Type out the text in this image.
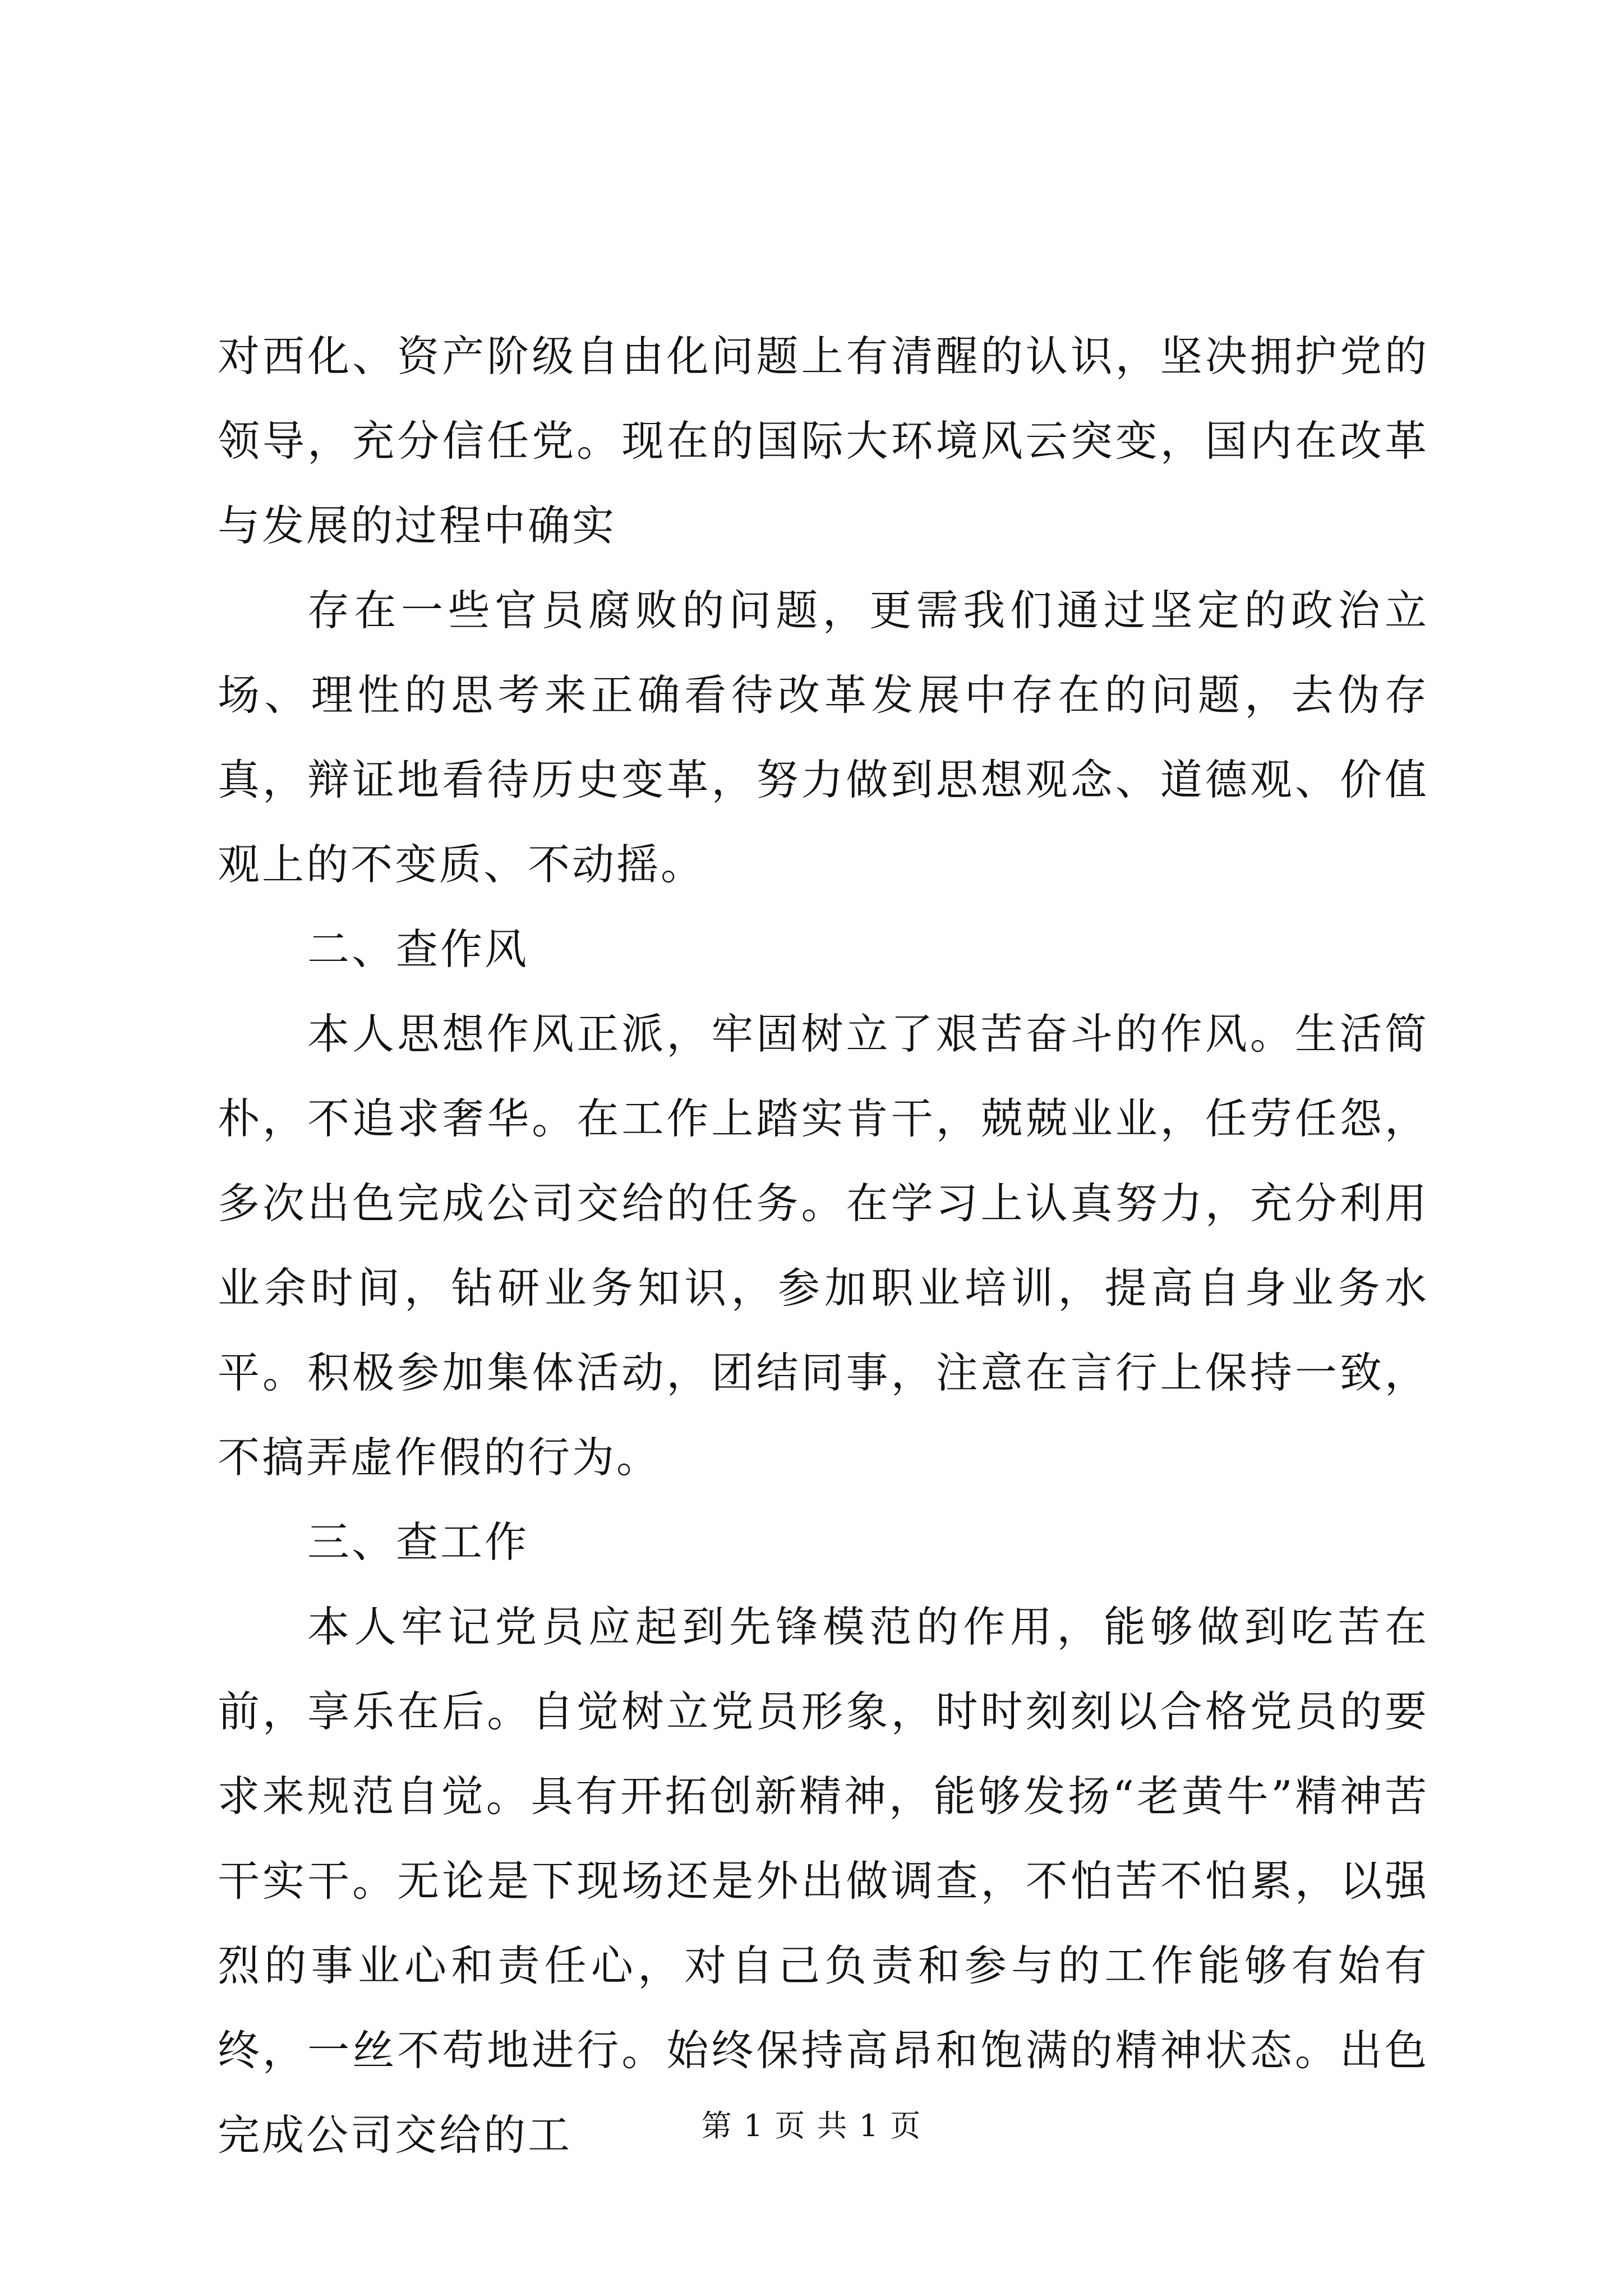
对西化、资产阶级自由化问题上有清醒的认识，坚决拥护党的领导，充分信任党。现在的国际大环境风云突变，国内在改革与发展的过程中确实

存在一些官员腐败的问题，更需我们通过坚定的政治立场、理性的思考来正确看待改革发展中存在的问题，去伪存真，辩证地看待历史变革，努力做到思想观念、道德观、价值观上的不变质、不动摇。

二、查作风

本人思想作风正派，牢固树立了艰苦奋斗的作风。生活简朴，不追求奢华。在工作上踏实肯干，兢兢业业，任劳任怨，多次出色完成公司交给的任务。在学习上认真努力，充分利用业余时间，钻研业务知识，参加职业培训，提高自身业务水平。积极参加集体活动，团结同事，注意在言行上保持一致，不搞弄虚作假的行为。

三、查工作

本人牢记党员应起到先锋模范的作用，能够做到吃苦在前，享乐在后。自觉树立党员形象，时时刻刻以合格党员的要求来规范自觉。具有开拓创新精神，能够发扬“老黄牛”精神苦干实干。无论是下现场还是外出做调查，不怕苦不怕累，以强烈的事业心和责任心，对自己负责和参与的工作能够有始有终，一丝不苟地进行。始终保持高昂和饱满的精神状态。出色完成公司交给的工	第 1 页 共 1 页
